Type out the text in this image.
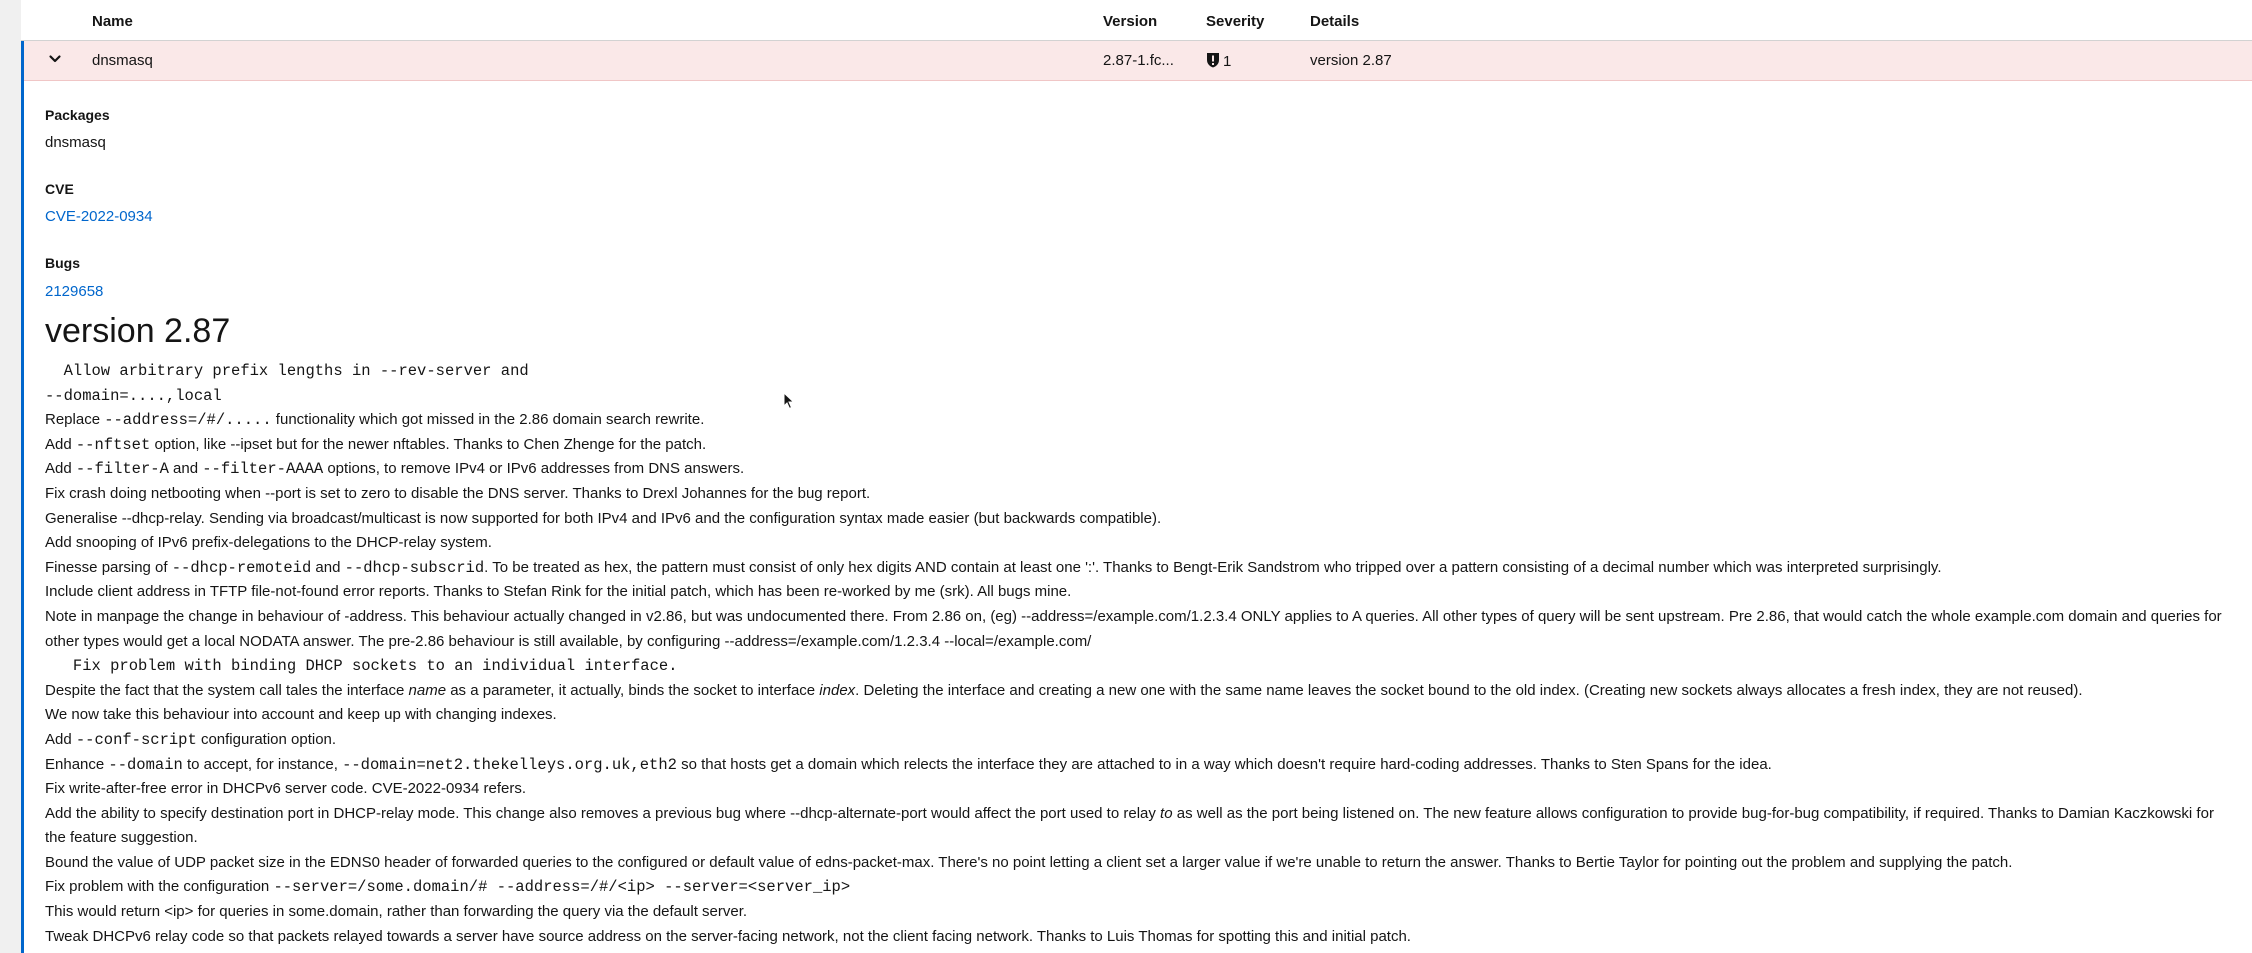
Name	Version	Severity	Details
dnsmasq	2.87-1.fc...	1	version 2.87
Packages
dnsmasq
CVE
CVE-2022-0934
Bugs
2129658
version 2.87

Allow arbitrary prefix lengths in --rev-server and

--domain=....,local

Replace --address=/#/..... functionality which got missed in the 2.86 domain search rewrite.

Add --nftset option, like --ipset but for the newer nftables. Thanks to Chen Zhenge for the patch.

Add --filter-A and --filter-AAAA options, to remove IPv4 or IPv6 addresses from DNS answers.

Fix crash doing netbooting when --port is set to zero to disable the DNS server. Thanks to Drexl Johannes for the bug report.

Generalise --dhcp-relay. Sending via broadcast/multicast is now supported for both IPv4 and IPv6 and the configuration syntax made easier (but backwards compatible).

Add snooping of IPv6 prefix-delegations to the DHCP-relay system.

Finesse parsing of --dhcp-remoteid and --dhcp-subscrid. To be treated as hex, the pattern must consist of only hex digits AND contain at least one ':'. Thanks to Bengt-Erik Sandstrom who tripped over a pattern consisting of a decimal number which was interpreted surprisingly.

Include client address in TFTP file-not-found error reports. Thanks to Stefan Rink for the initial patch, which has been re-worked by me (srk). All bugs mine.

Note in manpage the change in behaviour of -address. This behaviour actually changed in v2.86, but was undocumented there. From 2.86 on, (eg) --address=/example.com/1.2.3.4 ONLY applies to A queries. All other types of query will be sent upstream. Pre 2.86, that would catch the whole example.com domain and queries for other types would get a local NODATA answer. The pre-2.86 behaviour is still available, by configuring --address=/example.com/1.2.3.4 --local=/example.com/

Fix problem with binding DHCP sockets to an individual interface.

Despite the fact that the system call tales the interface name as a parameter, it actually, binds the socket to interface index. Deleting the interface and creating a new one with the same name leaves the socket bound to the old index. (Creating new sockets always allocates a fresh index, they are not reused).

We now take this behaviour into account and keep up with changing indexes.

Add --conf-script configuration option.

Enhance --domain to accept, for instance, --domain=net2.thekelleys.org.uk,eth2 so that hosts get a domain which relects the interface they are attached to in a way which doesn't require hard-coding addresses. Thanks to Sten Spans for the idea.

Fix write-after-free error in DHCPv6 server code. CVE-2022-0934 refers.

Add the ability to specify destination port in DHCP-relay mode. This change also removes a previous bug where --dhcp-alternate-port would affect the port used to relay to as well as the port being listened on. The new feature allows configuration to provide bug-for-bug compatibility, if required. Thanks to Damian Kaczkowski for the feature suggestion.

Bound the value of UDP packet size in the EDNS0 header of forwarded queries to the configured or default value of edns-packet-max. There's no point letting a client set a larger value if we're unable to return the answer. Thanks to Bertie Taylor for pointing out the problem and supplying the patch.

Fix problem with the configuration --server=/some.domain/# --address=/#/<ip> --server=<server_ip>

This would return <ip> for queries in some.domain, rather than forwarding the query via the default server.

Tweak DHCPv6 relay code so that packets relayed towards a server have source address on the server-facing network, not the client facing network. Thanks to Luis Thomas for spotting this and initial patch.
